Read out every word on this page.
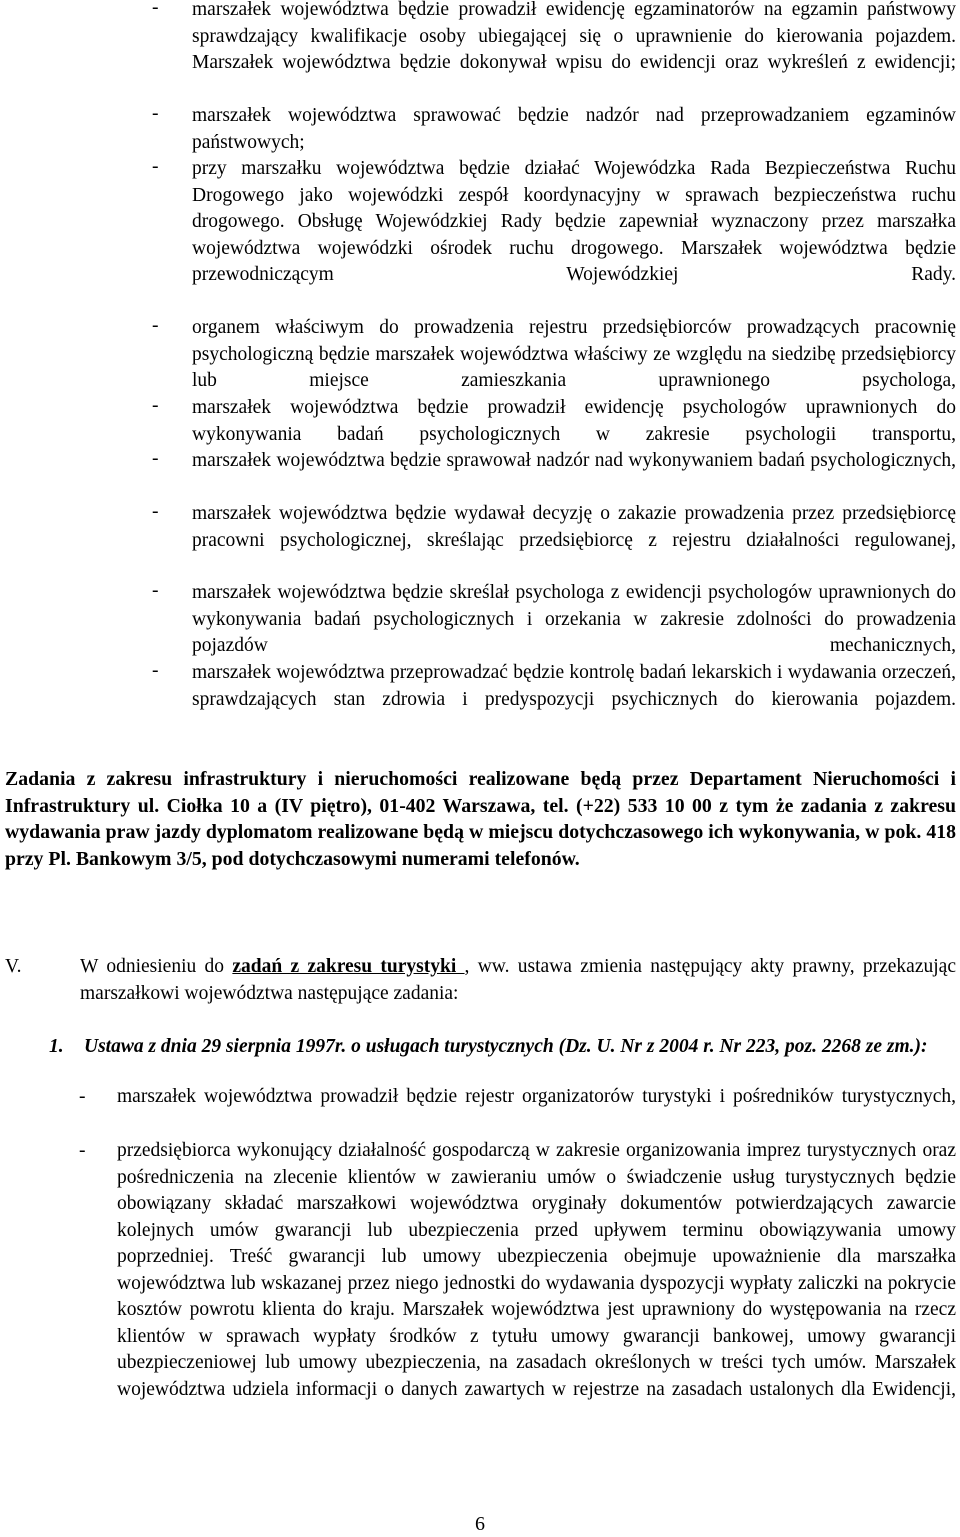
- marszałek województwa będzie prowadził ewidencję egzaminatorów na egzamin państwowy sprawdzający kwalifikacje osoby ubiegającej się o uprawnienie do kierowania pojazdem. Marszałek województwa będzie dokonywał wpisu do ewidencji oraz wykreśleń z ewidencji;

- marszałek województwa sprawować będzie nadzór nad przeprowadzaniem egzaminów państwowych;

- przy marszałku województwa będzie działać Wojewódzka Rada Bezpieczeństwa Ruchu Drogowego jako wojewódzki zespół koordynacyjny w sprawach bezpieczeństwa ruchu drogowego. Obsługę Wojewódzkiej Rady będzie zapewniał wyznaczony przez marszałka województwa wojewódzki ośrodek ruchu drogowego. Marszałek województwa będzie przewodniczącym Wojewódzkiej Rady.

- organem właściwym do prowadzenia rejestru przedsiębiorców prowadzących pracownię psychologiczną będzie marszałek województwa właściwy ze względu na siedzibę przedsiębiorcy lub miejsce zamieszkania uprawnionego psychologa,

- marszałek województwa będzie prowadził ewidencję psychologów uprawnionych do wykonywania badań psychologicznych w zakresie psychologii transportu,

- marszałek województwa będzie sprawował nadzór nad wykonywaniem badań psychologicznych,

- marszałek województwa będzie wydawał decyzję o zakazie prowadzenia przez przedsiębiorcę pracowni psychologicznej, skreślając przedsiębiorcę z rejestru działalności regulowanej,

- marszałek województwa będzie skreślał psychologa z ewidencji psychologów uprawnionych do wykonywania badań psychologicznych i orzekania w zakresie zdolności do prowadzenia pojazdów mechanicznych,

- marszałek województwa przeprowadzać będzie kontrolę badań lekarskich i wydawania orzeczeń, sprawdzających stan zdrowia i predyspozycji psychicznych do kierowania pojazdem.

Zadania z zakresu infrastruktury i nieruchomości realizowane będą przez Departament Nieruchomości i Infrastruktury ul. Ciołka 10 a (IV piętro), 01-402 Warszawa, tel. (+22) 533 10 00 z tym że zadania z zakresu wydawania praw jazdy dyplomatom realizowane będą w miejscu dotychczasowego ich wykonywania, w pok. 418 przy Pl. Bankowym 3/5, pod dotychczasowymi numerami telefonów.

V.	W odniesieniu do zadań z zakresu turystyki , ww. ustawa zmienia następujący akty prawny, przekazując marszałkowi województwa następujące zadania:

1. Ustawa z dnia 29 sierpnia 1997r. o usługach turystycznych (Dz. U. Nr z 2004 r. Nr 223, poz. 2268 ze zm.):

- marszałek województwa prowadził będzie rejestr organizatorów turystyki i pośredników turystycznych,

- przedsiębiorca wykonujący działalność gospodarczą w zakresie organizowania imprez turystycznych oraz pośredniczenia na zlecenie klientów w zawieraniu umów o świadczenie usług turystycznych będzie obowiązany składać marszałkowi województwa oryginały dokumentów potwierdzających zawarcie kolejnych umów gwarancji lub ubezpieczenia przed upływem terminu obowiązywania umowy poprzedniej. Treść gwarancji lub umowy ubezpieczenia obejmuje upoważnienie dla marszałka województwa lub wskazanej przez niego jednostki do wydawania dyspozycji wypłaty zaliczki na pokrycie kosztów powrotu klienta do kraju. Marszałek województwa jest uprawniony do występowania na rzecz klientów w sprawach wypłaty środków z tytułu umowy gwarancji bankowej, umowy gwarancji ubezpieczeniowej lub umowy ubezpieczenia, na zasadach określonych w treści tych umów. Marszałek województwa udziela informacji o danych zawartych w rejestrze na zasadach ustalonych dla Ewidencji,

6
